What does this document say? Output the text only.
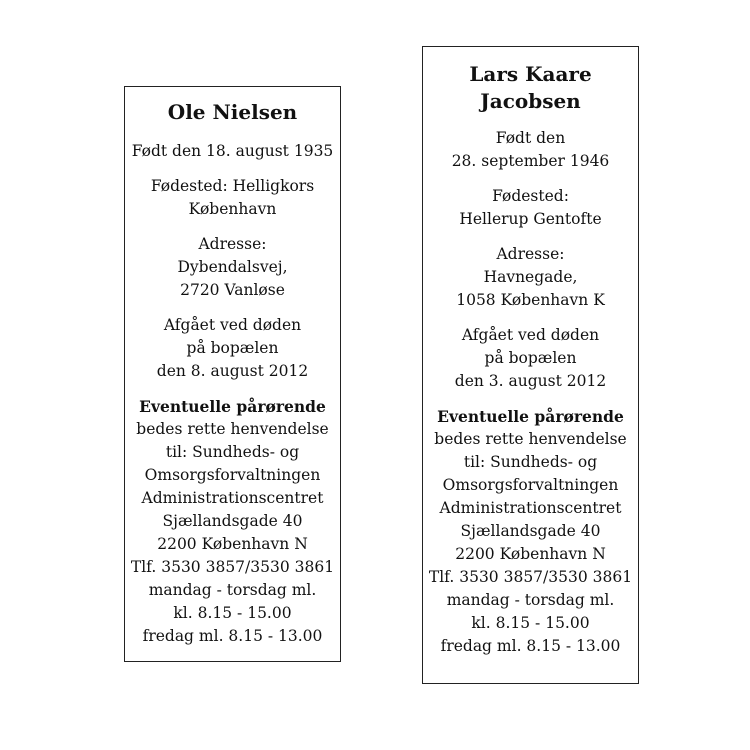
Ole Nielsen
Født den 18. august 1935
Fødested: Helligkors
København
Adresse:
Dybendalsvej,
2720 Vanløse
Afgået ved døden
på bopælen
den 8. august 2012
Eventuelle pårørende
bedes rette henvendelse
til: Sundheds- og
Omsorgsforvaltningen
Administrationscentret
Sjællandsgade 40
2200 København N
Tlf. 3530 3857/3530 3861
mandag - torsdag ml.
kl. 8.15 - 15.00
fredag ml. 8.15 - 13.00
Lars Kaare
Jacobsen
Født den
28. september 1946
Fødested:
Hellerup Gentofte
Adresse:
Havnegade,
1058 København K
Afgået ved døden
på bopælen
den 3. august 2012
Eventuelle pårørende
bedes rette henvendelse
til: Sundheds- og
Omsorgsforvaltningen
Administrationscentret
Sjællandsgade 40
2200 København N
Tlf. 3530 3857/3530 3861
mandag - torsdag ml.
kl. 8.15 - 15.00
fredag ml. 8.15 - 13.00
